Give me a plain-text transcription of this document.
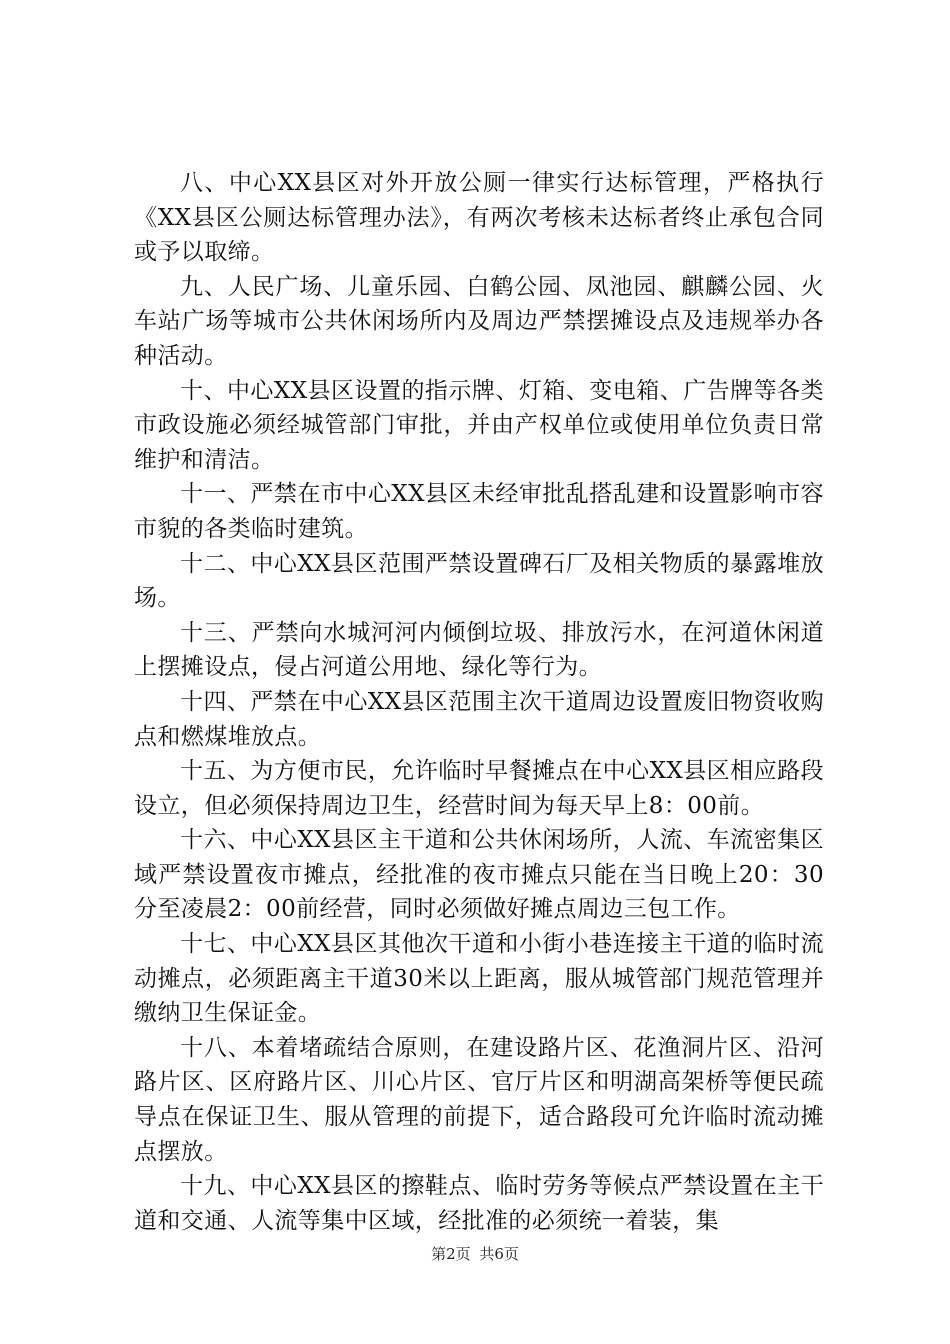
八、中心XX县区对外开放公厕一律实行达标管理，严格执行《XX县区公厕达标管理办法》，有两次考核未达标者终止承包合同或予以取缔。

九、人民广场、儿童乐园、白鹤公园、凤池园、麒麟公园、火车站广场等城市公共休闲场所内及周边严禁摆摊设点及违规举办各种活动。

十、中心XX县区设置的指示牌、灯箱、变电箱、广告牌等各类市政设施必须经城管部门审批，并由产权单位或使用单位负责日常维护和清洁。

十一、严禁在市中心XX县区未经审批乱搭乱建和设置影响市容市貌的各类临时建筑。

十二、中心XX县区范围严禁设置碑石厂及相关物质的暴露堆放场。

十三、严禁向水城河河内倾倒垃圾、排放污水，在河道休闲道上摆摊设点，侵占河道公用地、绿化等行为。

十四、严禁在中心XX县区范围主次干道周边设置废旧物资收购点和燃煤堆放点。

十五、为方便市民，允许临时早餐摊点在中心XX县区相应路段设立，但必须保持周边卫生，经营时间为每天早上8：00前。

十六、中心XX县区主干道和公共休闲场所，人流、车流密集区域严禁设置夜市摊点，经批准的夜市摊点只能在当日晚上20：30分至凌晨2：00前经营，同时必须做好摊点周边三包工作。

十七、中心XX县区其他次干道和小街小巷连接主干道的临时流动摊点，必须距离主干道30米以上距离，服从城管部门规范管理并缴纳卫生保证金。

十八、本着堵疏结合原则，在建设路片区、花渔洞片区、沿河路片区、区府路片区、川心片区、官厅片区和明湖高架桥等便民疏导点在保证卫生、服从管理的前提下，适合路段可允许临时流动摊点摆放。

十九、中心XX县区的擦鞋点、临时劳务等候点严禁设置在主干道和交通、人流等集中区域，经批准的必须统一着装，集

第2页 共6页
